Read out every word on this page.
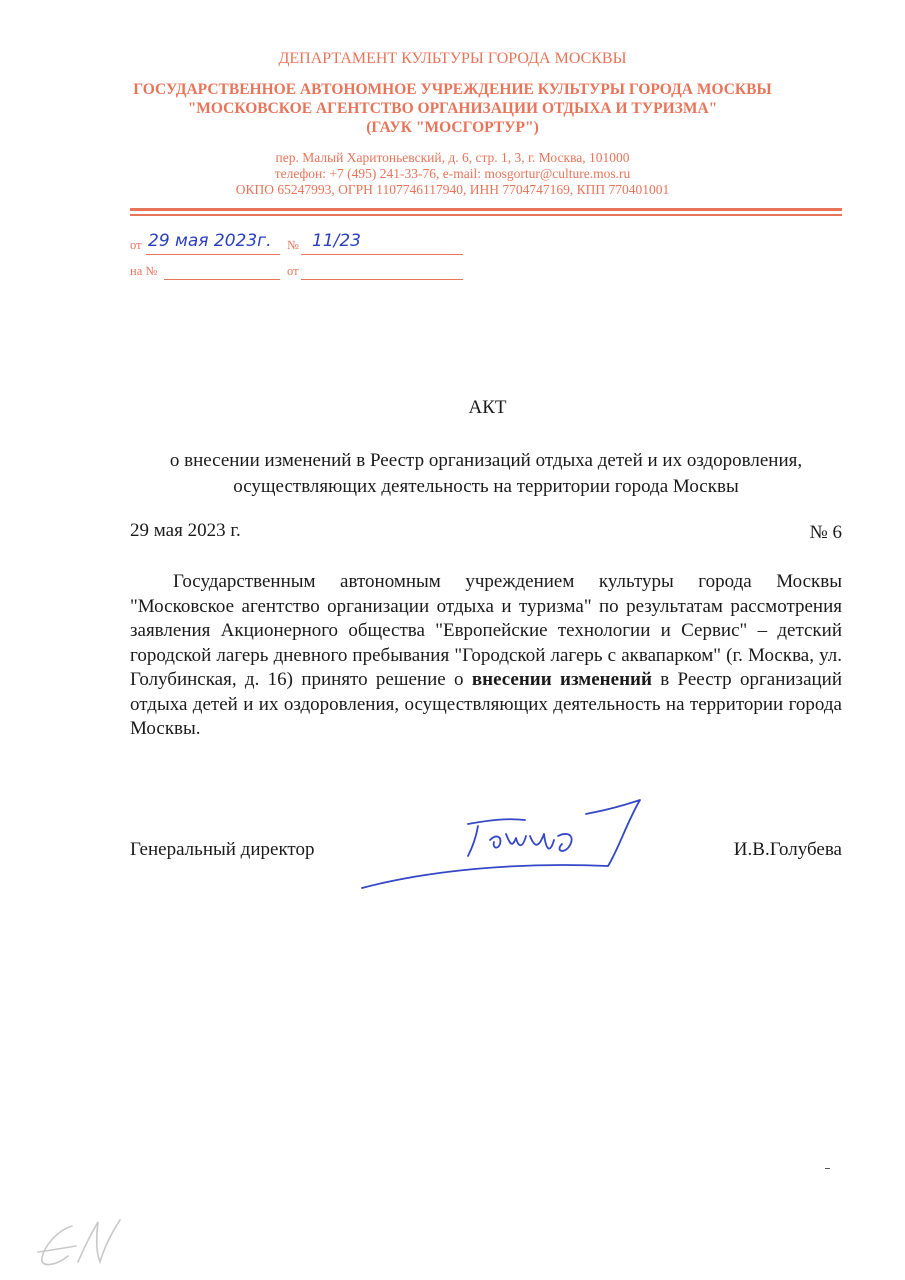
ДЕПАРТАМЕНТ КУЛЬТУРЫ ГОРОДА МОСКВЫ
ГОСУДАРСТВЕННОЕ АВТОНОМНОЕ УЧРЕЖДЕНИЕ КУЛЬТУРЫ ГОРОДА МОСКВЫ
"МОСКОВСКОЕ АГЕНТСТВО ОРГАНИЗАЦИИ ОТДЫХА И ТУРИЗМА"
(ГАУК "МОСГОРТУР")
пер. Малый Харитоньевский, д. 6, стр. 1, 3, г. Москва, 101000
телефон: +7 (495) 241-33-76, e-mail: mosgortur@culture.mos.ru
ОКПО 65247993, ОГРН 1107746117940, ИНН 7704747169, КПП 770401001
от 29 мая 2023г. № 11/23
на №	от
АКТ
о внесении изменений в Реестр организаций отдыха детей и их оздоровления,
осуществляющих деятельность на территории города Москвы
29 мая 2023 г.	№ 6
Государственным автономным учреждением культуры города Москвы "Московское агентство организации отдыха и туризма" по результатам рассмотрения заявления Акционерного общества "Европейские технологии и Сервис" – детский городской лагерь дневного пребывания "Городской лагерь с аквапарком" (г. Москва, ул. Голубинская, д. 16) принято решение о внесении изменений в Реестр организаций отдыха детей и их оздоровления, осуществляющих деятельность на территории города Москвы.
Генеральный директор	И.В.Голубева
